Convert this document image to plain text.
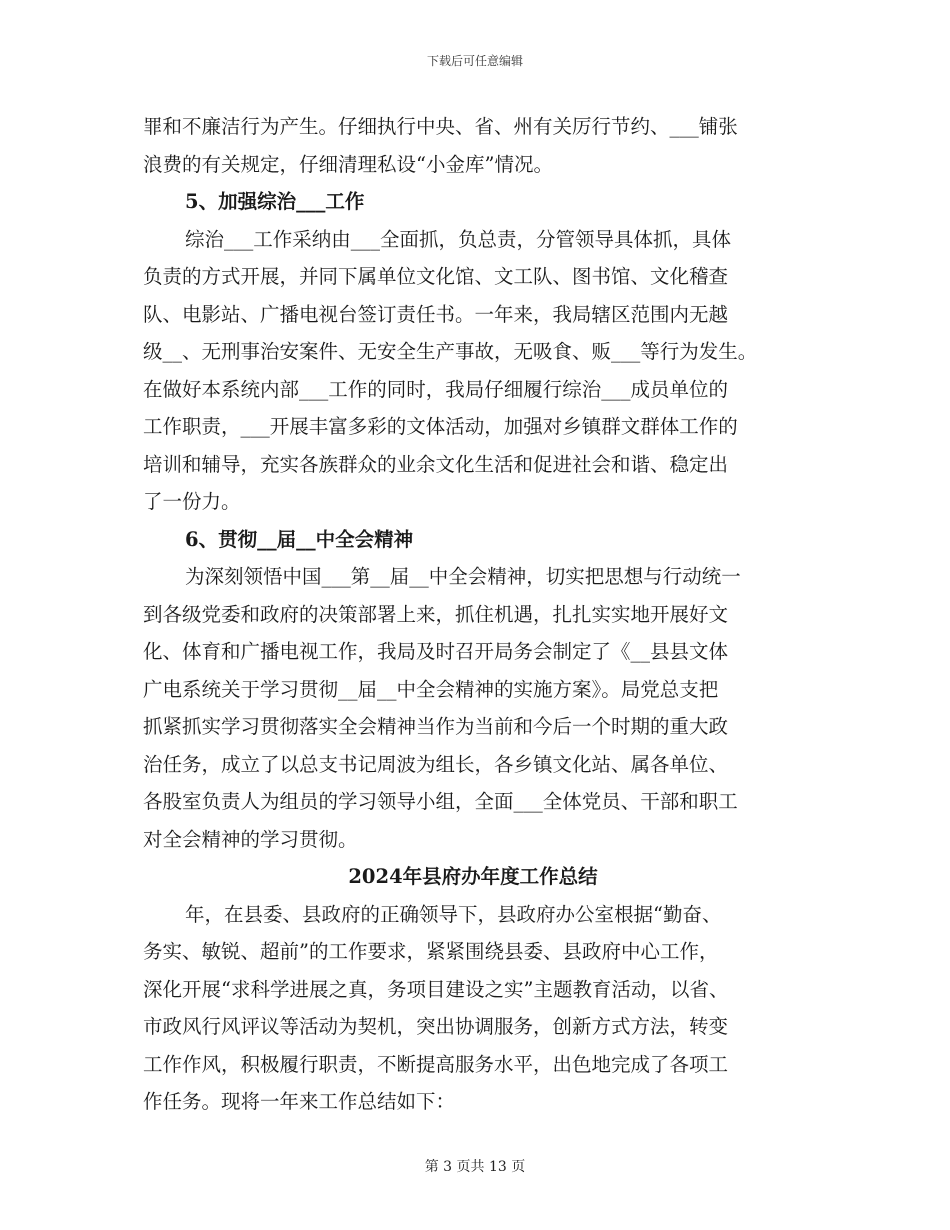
下载后可任意编辑
罪和不廉洁行为产生。仔细执行中央、省、州有关厉行节约、___铺张
浪费的有关规定，仔细清理私设“小金库”情况。
5、加强综治___工作
综治___工作采纳由___全面抓，负总责，分管领导具体抓，具体
负责的方式开展，并同下属单位文化馆、文工队、图书馆、文化稽查
队、电影站、广播电视台签订责任书。一年来，我局辖区范围内无越
级__、无刑事治安案件、无安全生产事故，无吸食、贩___等行为发生。
在做好本系统内部___工作的同时，我局仔细履行综治___成员单位的
工作职责，___开展丰富多彩的文体活动，加强对乡镇群文群体工作的
培训和辅导，充实各族群众的业余文化生活和促进社会和谐、稳定出
了一份力。
6、贯彻__届__中全会精神
为深刻领悟中国___第__届__中全会精神，切实把思想与行动统一
到各级党委和政府的决策部署上来，抓住机遇，扎扎实实地开展好文
化、体育和广播电视工作，我局及时召开局务会制定了《__县县文体
广电系统关于学习贯彻__届__中全会精神的实施方案》。局党总支把
抓紧抓实学习贯彻落实全会精神当作为当前和今后一个时期的重大政
治任务，成立了以总支书记周波为组长，各乡镇文化站、属各单位、
各股室负责人为组员的学习领导小组，全面___全体党员、干部和职工
对全会精神的学习贯彻。
2024年县府办年度工作总结
年，在县委、县政府的正确领导下，县政府办公室根据“勤奋、
务实、敏锐、超前”的工作要求，紧紧围绕县委、县政府中心工作，
深化开展“求科学进展之真，务项目建设之实”主题教育活动，以省、
市政风行风评议等活动为契机，突出协调服务，创新方式方法，转变
工作作风，积极履行职责，不断提高服务水平，出色地完成了各项工
作任务。现将一年来工作总结如下：
第 3 页共 13 页
